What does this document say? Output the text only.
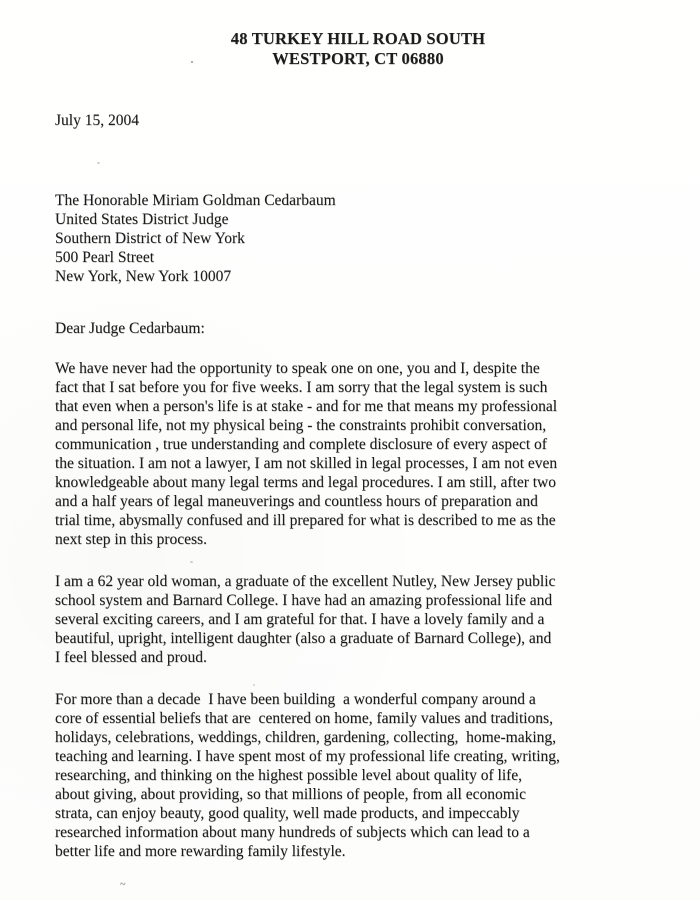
48 TURKEY HILL ROAD SOUTH
WESTPORT, CT 06880
July 15, 2004
The Honorable Miriam Goldman Cedarbaum
United States District Judge
Southern District of New York
500 Pearl Street
New York, New York 10007
Dear Judge Cedarbaum:

We have never had the opportunity to speak one on one, you and I, despite the
fact that I sat before you for five weeks. I am sorry that the legal system is such
that even when a person's life is at stake - and for me that means my professional
and personal life, not my physical being - the constraints prohibit conversation,
communication , true understanding and complete disclosure of every aspect of
the situation. I am not a lawyer, I am not skilled in legal processes, I am not even
knowledgeable about many legal terms and legal procedures. I am still, after two
and a half years of legal maneuverings and countless hours of preparation and
trial time, abysmally confused and ill prepared for what is described to me as the
next step in this process.

I am a 62 year old woman, a graduate of the excellent Nutley, New Jersey public
school system and Barnard College. I have had an amazing professional life and
several exciting careers, and I am grateful for that. I have a lovely family and a
beautiful, upright, intelligent daughter (also a graduate of Barnard College), and
I feel blessed and proud.

For more than a decade  I have been building  a wonderful company around a
core of essential beliefs that are  centered on home, family values and traditions,
holidays, celebrations, weddings, children, gardening, collecting,  home-making,
teaching and learning. I have spent most of my professional life creating, writing,
researching, and thinking on the highest possible level about quality of life,
about giving, about providing, so that millions of people, from all economic
strata, can enjoy beauty, good quality, well made products, and impeccably
researched information about many hundreds of subjects which can lead to a
better life and more rewarding family lifestyle.

~
